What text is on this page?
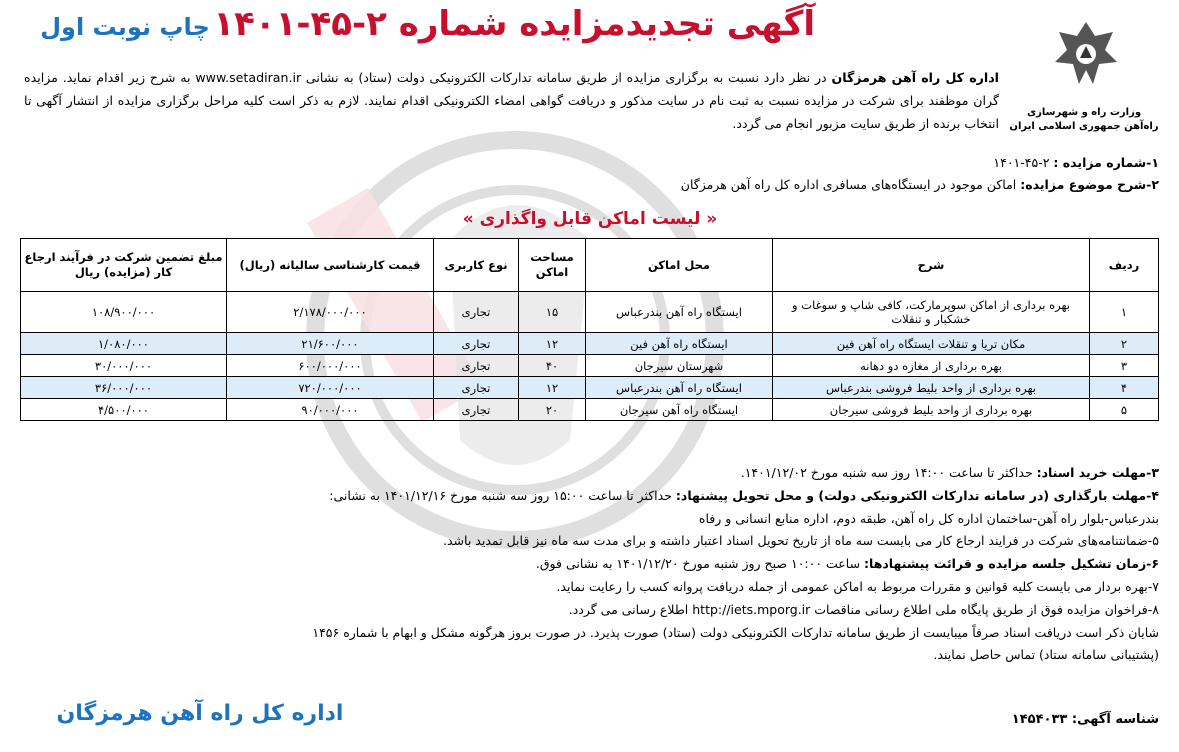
آگهی تجدیدمزایده شماره ۲-۴۵-۱۴۰۱
چاپ نوبت اول
وزارت راه و شهرسازی
راه‌آهن جمهوری اسلامی ایران
اداره کل راه آهن هرمزگان در نظر دارد نسبت به برگزاری مزایده از طریق سامانه تدارکات الکترونیکی دولت (ستاد) به نشانی www.setadiran.ir به شرح زیر اقدام نماید. مزایده گران موظفند برای شرکت در مزایده نسبت به ثبت نام در سایت مذکور و دریافت گواهی امضاء الکترونیکی اقدام نمایند. لازم به ذکر است کلیه مراحل برگزاری مزایده از انتشار آگهی تا انتخاب برنده از طریق سایت مزبور انجام می گردد.
۱-شماره مزایده : ۲-۴۵-۱۴۰۱
۲-شرح موضوع مزایده: اماکن موجود در ایستگاه‌های مسافری اداره کل راه آهن هرمزگان
« لیست اماکن قابل واگذاری »
ردیف	شرح	محل اماکن	مساحت اماکن	نوع کاربری	قیمت کارشناسی سالیانه (ریال)	مبلغ تضمین شرکت در فرآیند ارجاع کار (مزایده) ریال
۱	بهره برداری از اماکن سوپرمارکت، کافی شاپ و سوغات و خشکبار و تنقلات	ایستگاه راه آهن بندرعباس	۱۵	تجاری	۲/۱۷۸/۰۰۰/۰۰۰	۱۰۸/۹۰۰/۰۰۰
۲	مکان تریا و تنقلات ایستگاه راه آهن فین	ایستگاه راه آهن فین	۱۲	تجاری	۲۱/۶۰۰/۰۰۰	۱/۰۸۰/۰۰۰
۳	بهره برداری از مغازه دو دهانه	شهرستان سیرجان	۴۰	تجاری	۶۰۰/۰۰۰/۰۰۰	۳۰/۰۰۰/۰۰۰
۴	بهره برداری از واحد بلیط فروشی بندرعباس	ایستگاه راه آهن بندرعباس	۱۲	تجاری	۷۲۰/۰۰۰/۰۰۰	۳۶/۰۰۰/۰۰۰
۵	بهره برداری از واحد بلیط فروشی سیرجان	ایستگاه راه آهن سیرجان	۲۰	تجاری	۹۰/۰۰۰/۰۰۰	۴/۵۰۰/۰۰۰
۳-مهلت خرید اسناد: حداکثر تا ساعت ۱۴:۰۰ روز سه شنبه مورخ ۱۴۰۱/۱۲/۰۲.
۴-مهلت بارگذاری (در سامانه تدارکات الکترونیکی دولت) و محل تحویل پیشنهاد: حداکثر تا ساعت ۱۵:۰۰ روز سه شنبه مورخ ۱۴۰۱/۱۲/۱۶ به نشانی:
بندرعباس-بلوار راه آهن-ساختمان اداره کل راه آهن، طبقه دوم، اداره منابع انسانی و رفاه
۵-ضمانتنامه‌های شرکت در فرایند ارجاع کار می بایست سه ماه از تاریخ تحویل اسناد اعتبار داشته و برای مدت سه ماه نیز قابل تمدید باشد.
۶-زمان تشکیل جلسه مزایده و قرائت پیشنهادها: ساعت ۱۰:۰۰ صبح روز شنبه مورخ ۱۴۰۱/۱۲/۲۰ به نشانی فوق.
۷-بهره بردار می بایست کلیه قوانین و مقررات مربوط به اماکن عمومی از جمله دریافت پروانه کسب را رعایت نماید.
۸-فراخوان مزایده فوق از طریق پایگاه ملی اطلاع رسانی مناقصات http://iets.mporg.ir اطلاع رسانی می گردد.
شایان ذکر است دریافت اسناد صرفاً میبایست از طریق سامانه تدارکات الکترونیکی دولت (ستاد) صورت پذیرد. در صورت بروز هرگونه مشکل و ابهام با شماره ۱۴۵۶
(پشتیبانی سامانه ستاد) تماس حاصل نمایند.
شناسه آگهی: ۱۴۵۴۰۳۳
اداره کل راه آهن هرمزگان
